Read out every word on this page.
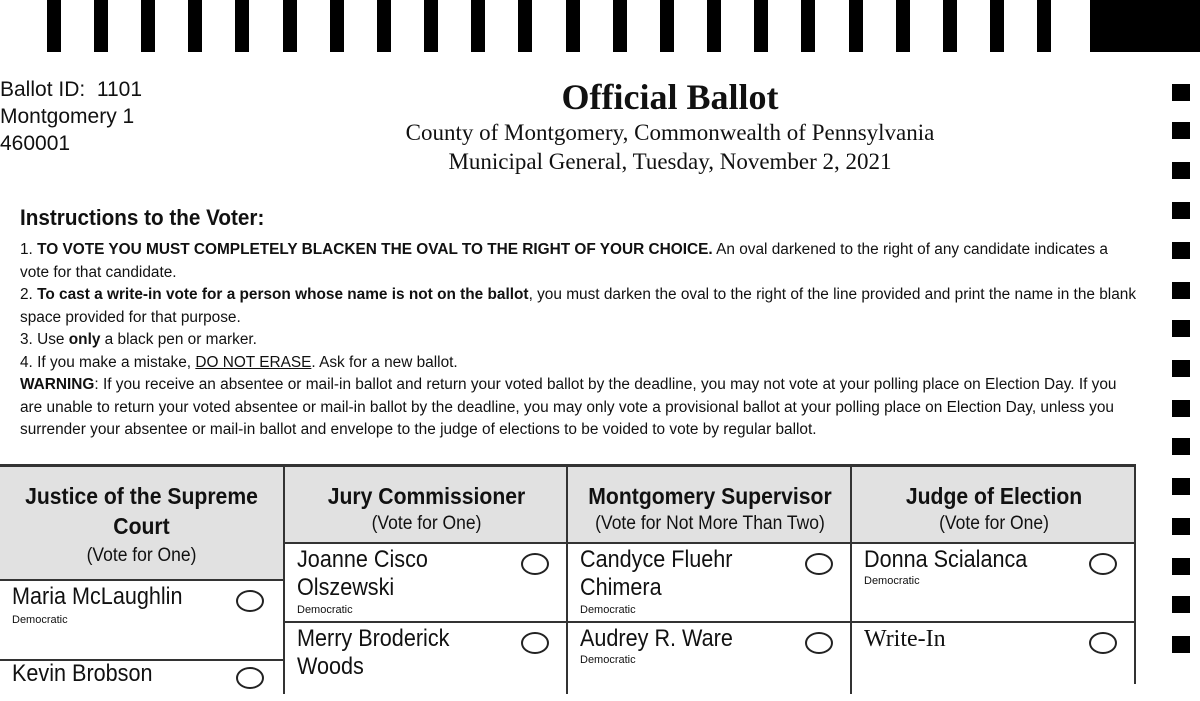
Ballot ID:  1101
Montgomery 1
460001
Official Ballot
County of Montgomery, Commonwealth of Pennsylvania
Municipal General, Tuesday, November 2, 2021
Instructions to the Voter:

1. TO VOTE YOU MUST COMPLETELY BLACKEN THE OVAL TO THE RIGHT OF YOUR CHOICE. An oval darkened to the right of any candidate indicates a vote for that candidate.

2. To cast a write-in vote for a person whose name is not on the ballot, you must darken the oval to the right of the line provided and print the name in the blank space provided for that purpose.

3. Use only a black pen or marker.

4. If you make a mistake, DO NOT ERASE. Ask for a new ballot.

WARNING: If you receive an absentee or mail-in ballot and return your voted ballot by the deadline, you may not vote at your polling place on Election Day. If you are unable to return your voted absentee or mail-in ballot by the deadline, you may only vote a provisional ballot at your polling place on Election Day, unless you surrender your absentee or mail-in ballot and envelope to the judge of elections to be voided to vote by regular ballot.

Justice of the Supreme Court
(Vote for One)
Maria McLaughlin
Democratic
Kevin Brobson
Jury Commissioner
(Vote for One)
Joanne Cisco Olszewski
Democratic
Merry Broderick Woods
Montgomery Supervisor
(Vote for Not More Than Two)
Candyce Fluehr Chimera
Democratic
Audrey R. Ware
Democratic
Judge of Election
(Vote for One)
Donna Scialanca
Democratic
Write-In
